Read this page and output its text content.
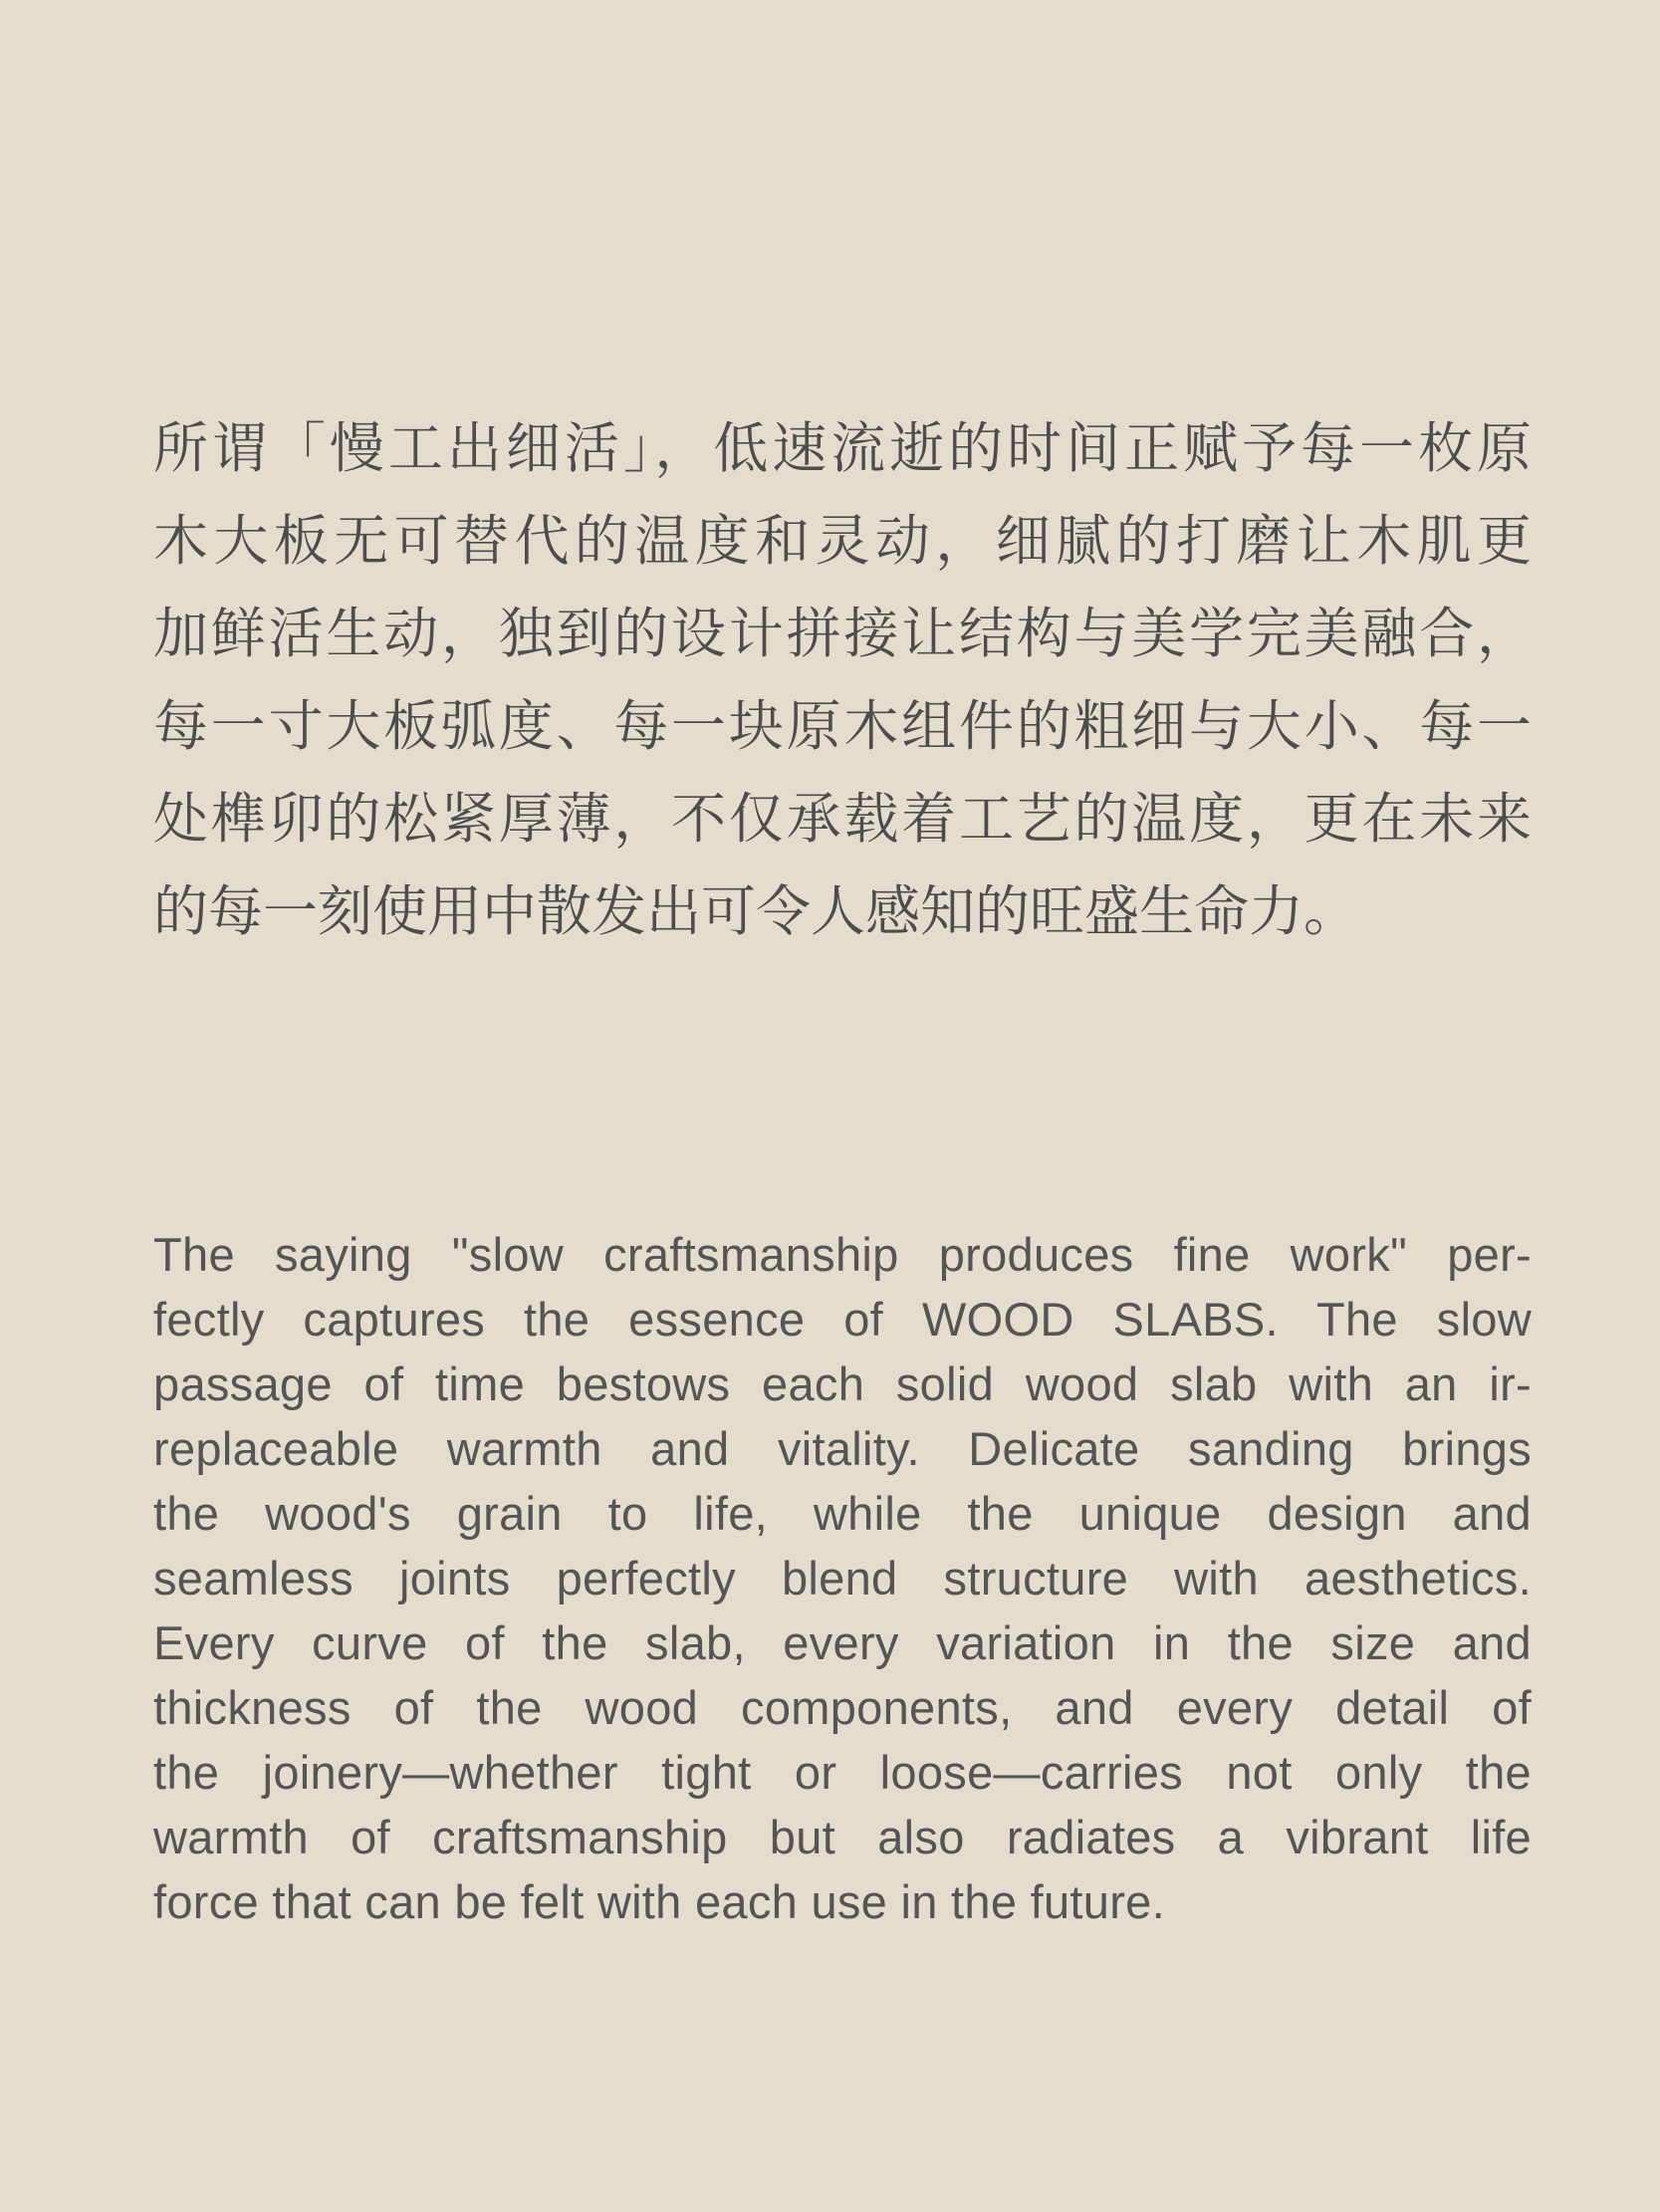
所谓「慢工出细活」，低速流逝的时间正赋予每一枚原
木大板无可替代的温度和灵动，细腻的打磨让木肌更
加鲜活生动，独到的设计拼接让结构与美学完美融合，
每一寸大板弧度、每一块原木组件的粗细与大小、每一
处榫卯的松紧厚薄，不仅承载着工艺的温度，更在未来
的每一刻使用中散发出可令人感知的旺盛生命力。
The saying "slow craftsmanship produces fine work" per-
fectly captures the essence of WOOD SLABS. The slow
passage of time bestows each solid wood slab with an ir-
replaceable warmth and vitality. Delicate sanding brings
the wood's grain to life, while the unique design and
seamless joints perfectly blend structure with aesthetics.
Every curve of the slab, every variation in the size and
thickness of the wood components, and every detail of
the joinery—whether tight or loose—carries not only the
warmth of craftsmanship but also radiates a vibrant life
force that can be felt with each use in the future.
